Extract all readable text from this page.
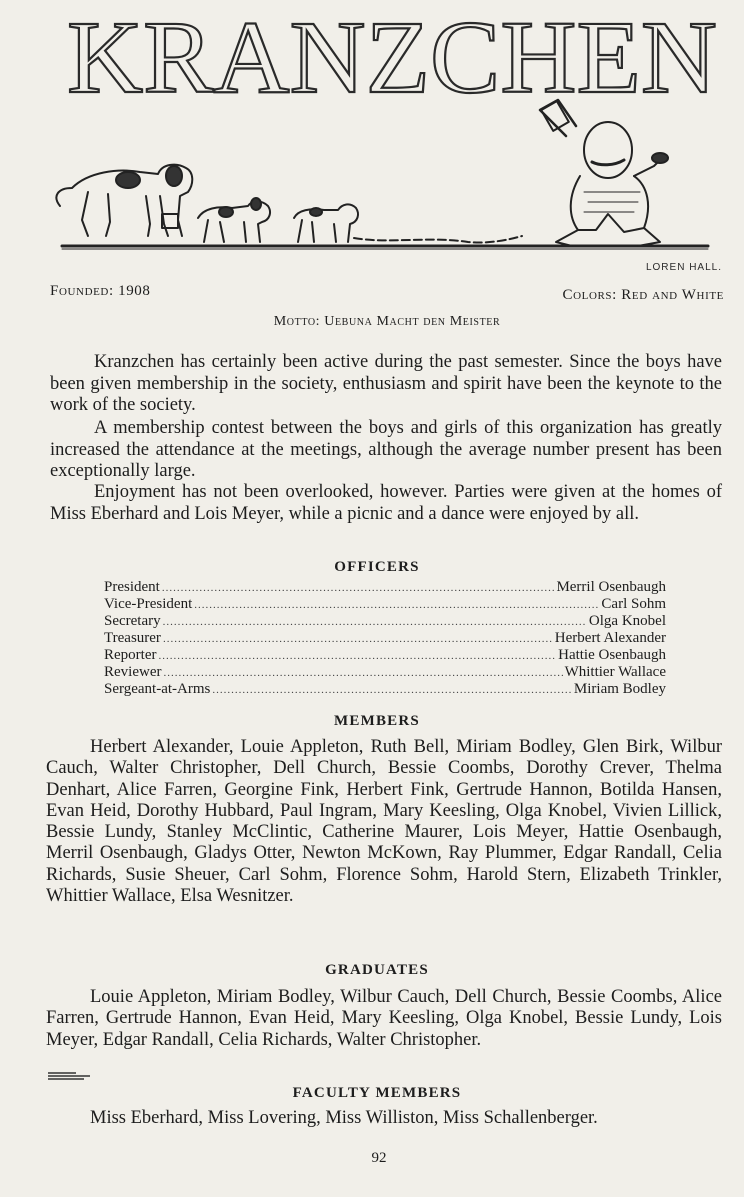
KRANZCHEN
LOREN HALL.
Founded: 1908	Colors: Red and White
Motto: Uebuna Macht den Meister

Kranzchen has certainly been active during the past semester. Since the boys have been given membership in the society, enthusiasm and spirit have been the keynote to the work of the society.

A membership contest between the boys and girls of this organization has greatly increased the attendance at the meetings, although the average number present has been exceptionally large.

Enjoyment has not been overlooked, however. Parties were given at the homes of Miss Eberhard and Lois Meyer, while a picnic and a dance were enjoyed by all.

OFFICERS
President .....	Merril Osenbaugh
Vice-President .....	Carl Sohm
Secretary .....	Olga Knobel
Treasurer .....	Herbert Alexander
Reporter .....	Hattie Osenbaugh
Reviewer .....	Whittier Wallace
Sergeant-at-Arms .....	Miriam Bodley
MEMBERS

Herbert Alexander, Louie Appleton, Ruth Bell, Miriam Bodley, Glen Birk, Wilbur Cauch, Walter Christopher, Dell Church, Bessie Coombs, Dorothy Crever, Thelma Denhart, Alice Farren, Georgine Fink, Herbert Fink, Gertrude Hannon, Botilda Hansen, Evan Heid, Dorothy Hubbard, Paul Ingram, Mary Keesling, Olga Knobel, Vivien Lillick, Bessie Lundy, Stanley McClintic, Catherine Maurer, Lois Meyer, Hattie Osenbaugh, Merril Osenbaugh, Gladys Otter, Newton McKown, Ray Plummer, Edgar Randall, Celia Richards, Susie Sheuer, Carl Sohm, Florence Sohm, Harold Stern, Elizabeth Trinkler, Whittier Wallace, Elsa Wesnitzer.

GRADUATES

Louie Appleton, Miriam Bodley, Wilbur Cauch, Dell Church, Bessie Coombs, Alice Farren, Gertrude Hannon, Evan Heid, Mary Keesling, Olga Knobel, Bessie Lundy, Lois Meyer, Edgar Randall, Celia Richards, Walter Christopher.

FACULTY MEMBERS

Miss Eberhard, Miss Lovering, Miss Williston, Miss Schallenberger.

92
